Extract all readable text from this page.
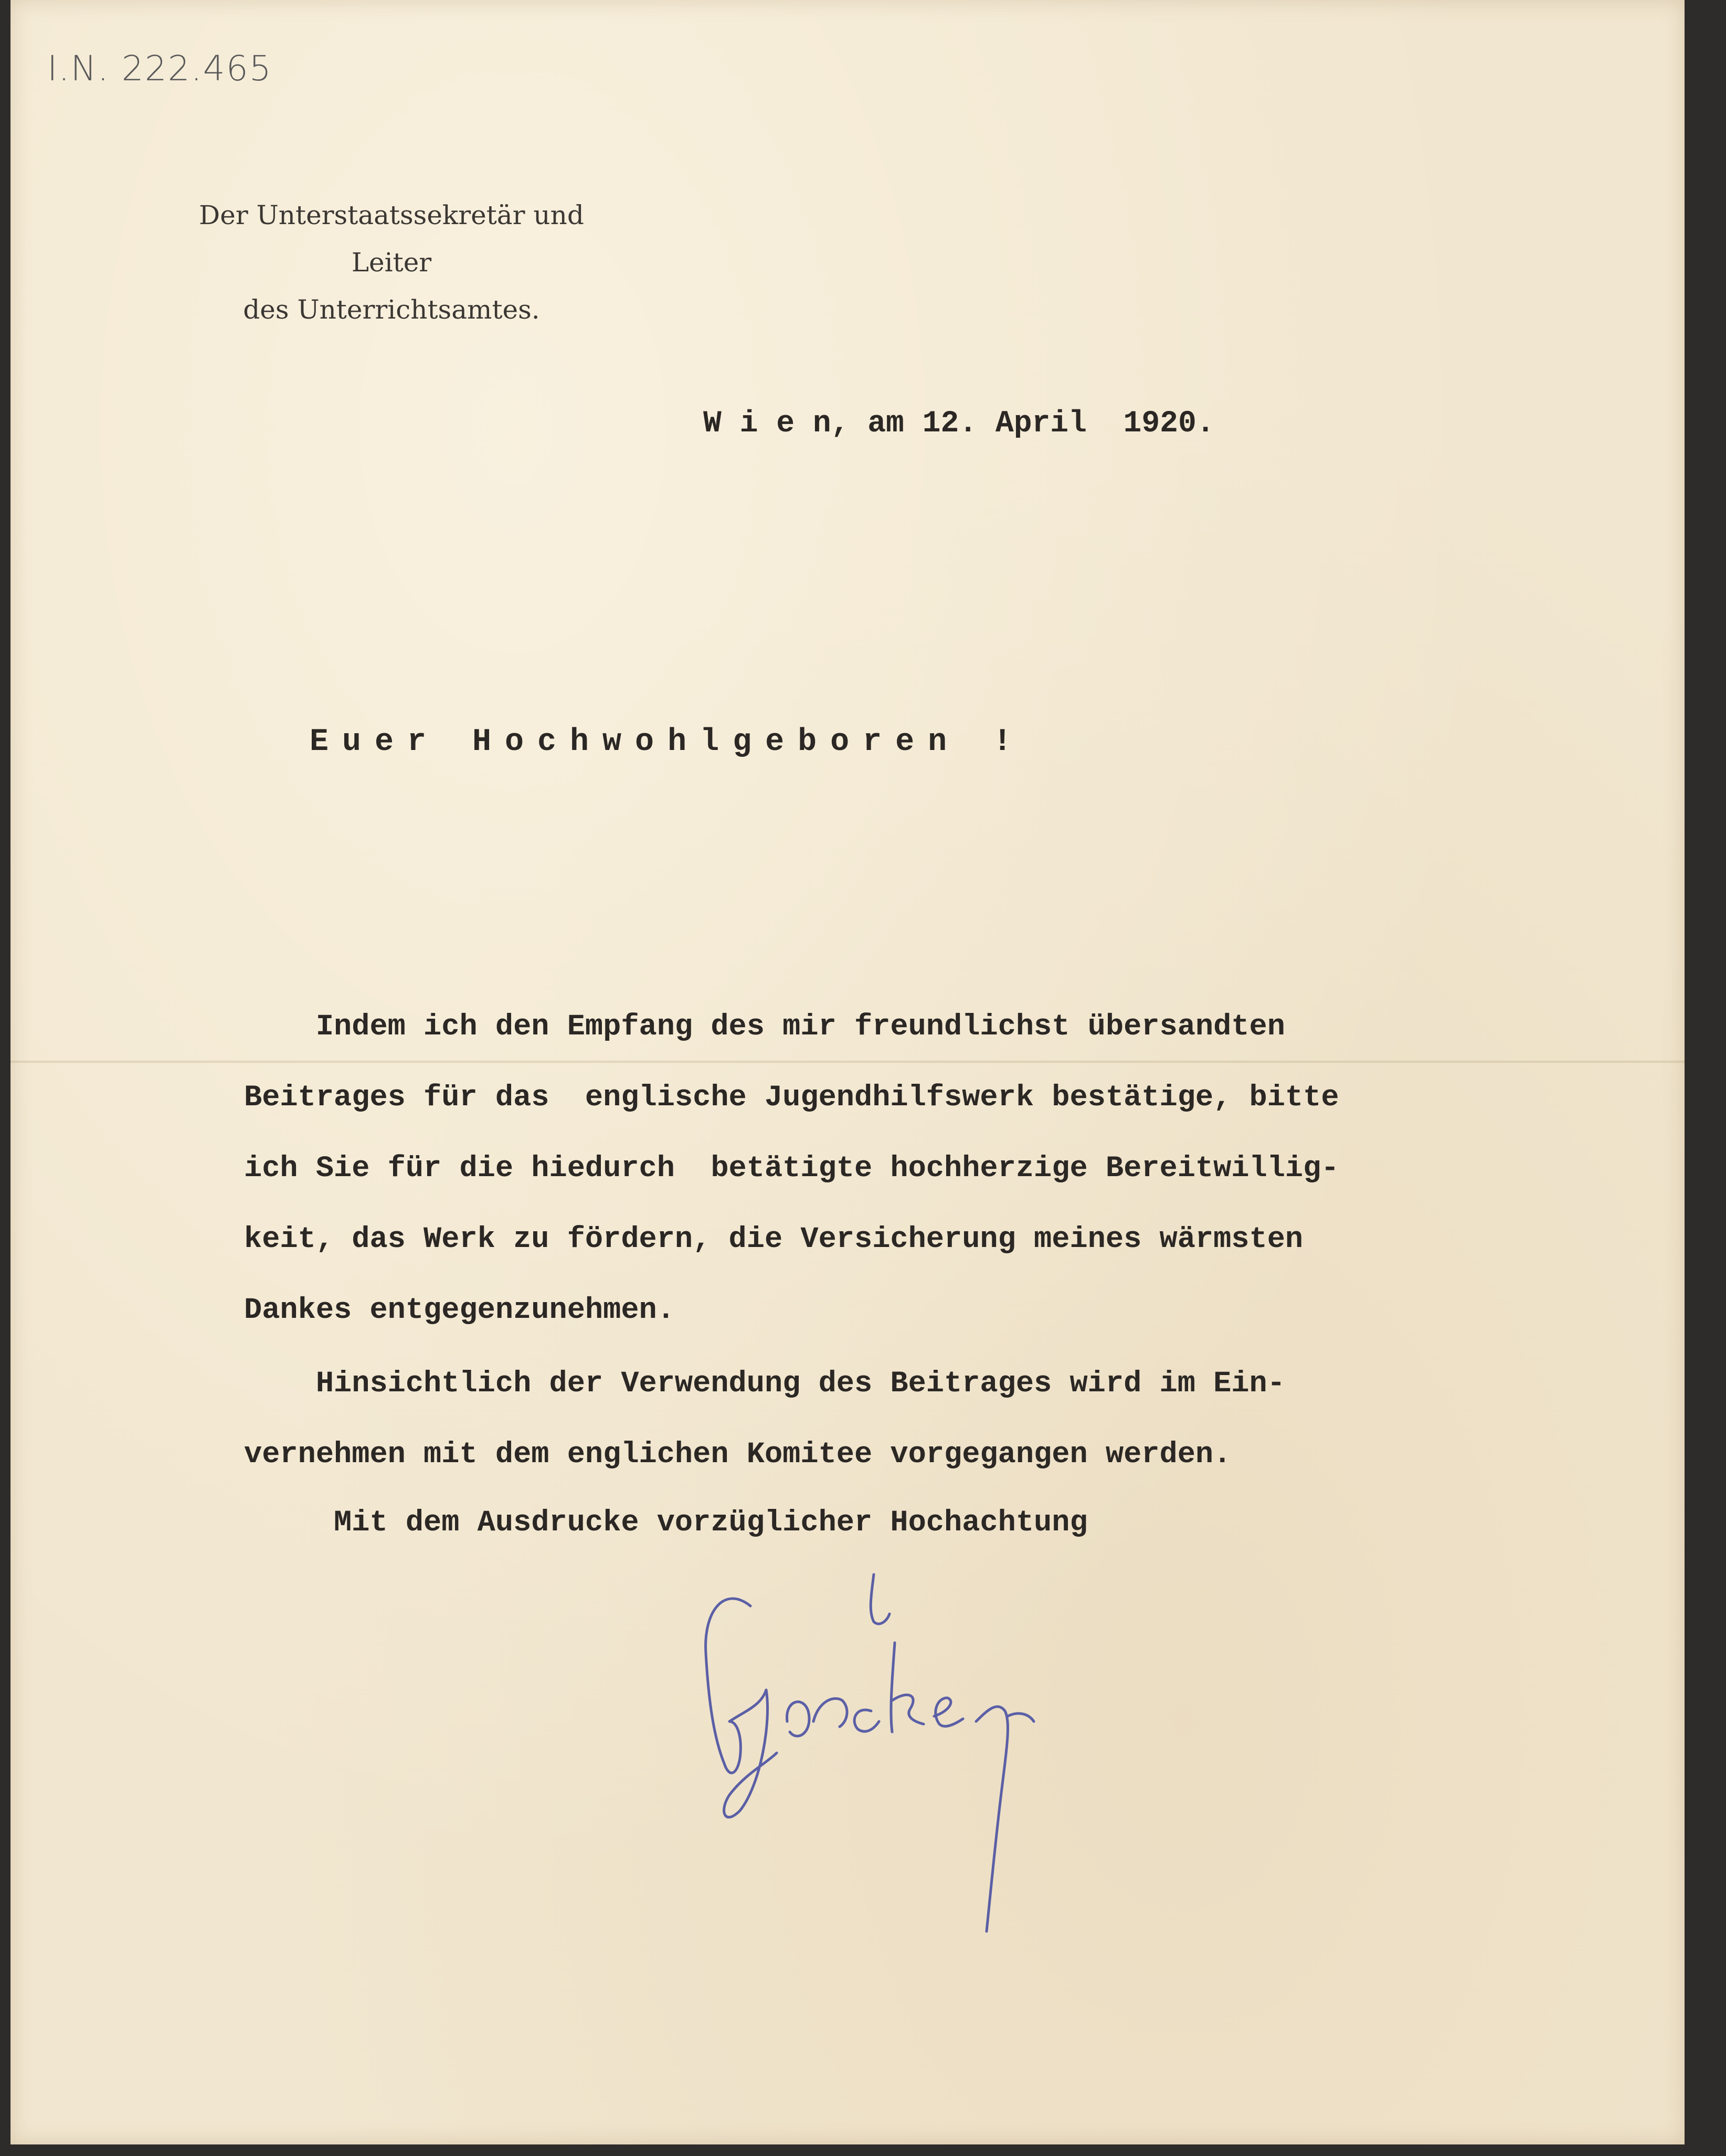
I.N. 222.465
Der Unterstaatssekretär und Leiter
des Unterrichtsamtes.
W i e n, am 12. April  1920.
Euer Hochwohlgeboren !
Indem ich den Empfang des mir freundlichst übersandten
Beitrages für das  englische Jugendhilfswerk bestätige, bitte
ich Sie für die hiedurch  betätigte hochherzige Bereitwillig-
keit, das Werk zu fördern, die Versicherung meines wärmsten
Dankes entgegenzunehmen.
Hinsichtlich der Verwendung des Beitrages wird im Ein-
vernehmen mit dem englichen Komitee vorgegangen werden.
Mit dem Ausdrucke vorzüglicher Hochachtung
